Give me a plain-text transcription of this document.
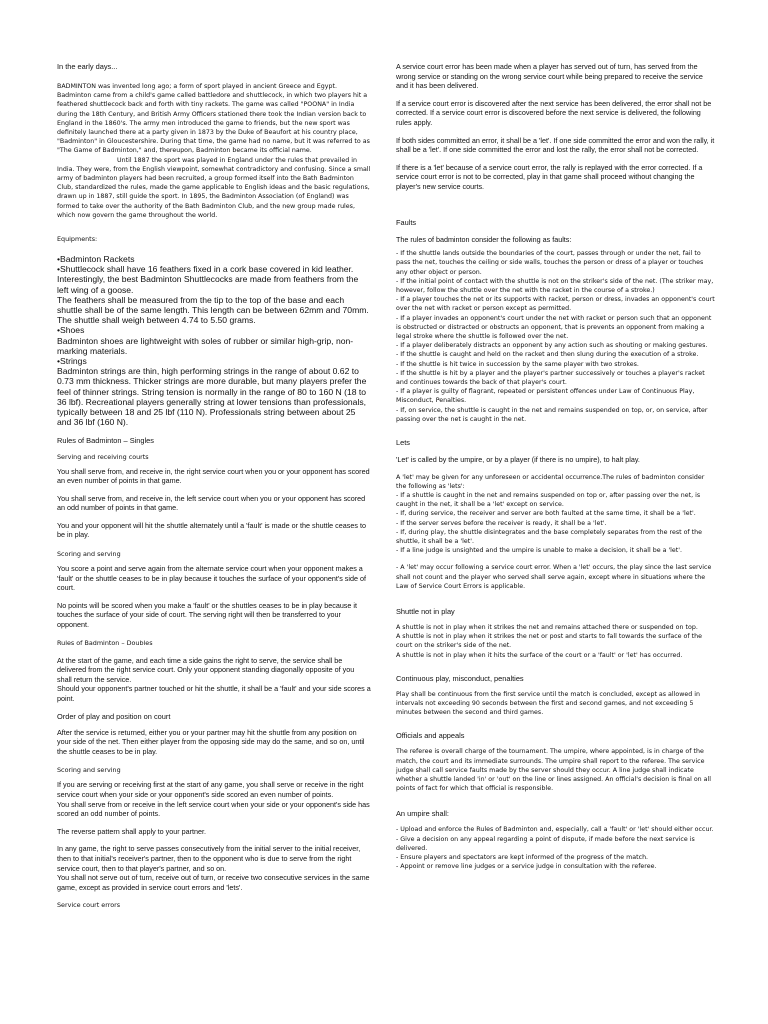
In the early days...

BADMINTON was invented long ago; a form of sport played in ancient Greece and Egypt. Badminton came from a child's game called battledore and shuttlecock, in which two players hit a feathered shuttlecock back and forth with tiny rackets. The game was called "POONA" in India during the 18th Century, and British Army Officers stationed there took the Indian version back to England in the 1860's. The army men introduced the game to friends, but the new sport was definitely launched there at a party given in 1873 by the Duke of Beaufort at his country place, "Badminton" in Gloucestershire. During that time, the game had no name, but it was referred to as "The Game of Badminton," and, thereupon, Badminton became its official name.

Until 1887 the sport was played in England under the rules that prevailed in India. They were, from the English viewpoint, somewhat contradictory and confusing. Since a small army of badminton players had been recruited, a group formed itself into the Bath Badminton Club, standardized the rules, made the game applicable to English ideas and the basic regulations, drawn up in 1887, still guide the sport. In 1895, the Badminton Association (of England) was formed to take over the authority of the Bath Badminton Club, and the new group made rules, which now govern the game throughout the world.

Equipments:

•Badminton Rackets
•Shuttlecock shall have 16 feathers fixed in a cork base covered in kid leather. Interestingly, the best Badminton Shuttlecocks are made from feathers from the left wing of a goose.
The feathers shall be measured from the tip to the top of the base and each shuttle shall be of the same length. This length can be between 62mm and 70mm. The shuttle shall weigh between 4.74 to 5.50 grams.
•Shoes
Badminton shoes are lightweight with soles of rubber or similar high-grip, non-marking materials.
•Strings
Badminton strings are thin, high performing strings in the range of about 0.62 to 0.73 mm thickness. Thicker strings are more durable, but many players prefer the feel of thinner strings. String tension is normally in the range of 80 to 160 N (18 to 36 lbf). Recreational players generally string at lower tensions than professionals, typically between 18 and 25 lbf (110 N). Professionals string between about 25 and 36 lbf (160 N).

Rules of Badminton – Singles

Serving and receiving courts

You shall serve from, and receive in, the right service court when you or your opponent has scored an even number of points in that game.

You shall serve from, and receive in, the left service court when you or your opponent has scored an odd number of points in that game.

You and your opponent will hit the shuttle alternately until a 'fault' is made or the shuttle ceases to be in play.

Scoring and serving

You score a point and serve again from the alternate service court when your opponent makes a 'fault' or the shuttle ceases to be in play because it touches the surface of your opponent's side of court.

No points will be scored when you make a 'fault' or the shuttles ceases to be in play because it touches the surface of your side of court. The serving right will then be transferred to your opponent.

Rules of Badminton – Doubles

At the start of the game, and each time a side gains the right to serve, the service shall be delivered from the right service court. Only your opponent standing diagonally opposite of you shall return the service.

Should your opponent's partner touched or hit the shuttle, it shall be a 'fault' and your side scores a point.

Order of play and position on court

After the service is returned, either you or your partner may hit the shuttle from any position on your side of the net. Then either player from the opposing side may do the same, and so on, until the shuttle ceases to be in play.

Scoring and serving

If you are serving or receiving first at the start of any game, you shall serve or receive in the right service court when your side or your opponent's side scored an even number of points.

You shall serve from or receive in the left service court when your side or your opponent's side has scored an odd number of points.

The reverse pattern shall apply to your partner.

In any game, the right to serve passes consecutively from the initial server to the initial receiver, then to that initial's receiver's partner, then to the opponent who is due to serve from the right service court, then to that player's partner, and so on.

You shall not serve out of turn, receive out of turn, or receive two consecutive services in the same game, except as provided in service court errors and 'lets'.

Service court errors

A service court error has been made when a player has served out of turn, has served from the wrong service or standing on the wrong service court while being prepared to receive the service and it has been delivered.

If a service court error is discovered after the next service has been delivered, the error shall not be corrected. If a service court error is discovered before the next service is delivered, the following rules apply.

If both sides committed an error, it shall be a 'let'. If one side committed the error and won the rally, it shall be a 'let'. If one side committed the error and lost the rally, the error shall not be corrected.

If there is a 'let' because of a service court error, the rally is replayed with the error corrected. If a service court error is not to be corrected, play in that game shall proceed without changing the player's new service courts.

Faults

The rules of badminton consider the following as faults:

- If the shuttle lands outside the boundaries of the court, passes through or under the net, fail to pass the net, touches the ceiling or side walls, touches the person or dress of a player or touches any other object or person.

- If the initial point of contact with the shuttle is not on the striker's side of the net. (The striker may, however, follow the shuttle over the net with the racket in the course of a stroke.)

- If a player touches the net or its supports with racket, person or dress, invades an opponent's court over the net with racket or person except as permitted.

- If a player invades an opponent's court under the net with racket or person such that an opponent is obstructed or distracted or obstructs an opponent, that is prevents an opponent from making a legal stroke where the shuttle is followed over the net.

- If a player deliberately distracts an opponent by any action such as shouting or making gestures.

- If the shuttle is caught and held on the racket and then slung during the execution of a stroke.

- If the shuttle is hit twice in succession by the same player with two strokes.

- If the shuttle is hit by a player and the player's partner successively or touches a player's racket and continues towards the back of that player's court.

- If a player is guilty of flagrant, repeated or persistent offences under Law of Continuous Play, Misconduct, Penalties.

- If, on service, the shuttle is caught in the net and remains suspended on top, or, on service, after passing over the net is caught in the net.

Lets

'Let' is called by the umpire, or by a player (if there is no umpire), to halt play.

A 'let' may be given for any unforeseen or accidental occurrence.The rules of badminton consider the following as 'lets':

- If a shuttle is caught in the net and remains suspended on top or, after passing over the net, is caught in the net, it shall be a 'let' except on service.

- If, during service, the receiver and server are both faulted at the same time, it shall be a 'let'.

- If the server serves before the receiver is ready, it shall be a 'let'.

- If, during play, the shuttle disintegrates and the base completely separates from the rest of the shuttle, it shall be a 'let'.

- If a line judge is unsighted and the umpire is unable to make a decision, it shall be a 'let'.

- A 'let' may occur following a service court error. When a 'let' occurs, the play since the last service shall not count and the player who served shall serve again, except where in situations where the Law of Service Court Errors is applicable.

Shuttle not in play

A shuttle is not in play when it strikes the net and remains attached there or suspended on top.

A shuttle is not in play when it strikes the net or post and starts to fall towards the surface of the court on the striker's side of the net.

A shuttle is not in play when it hits the surface of the court or a 'fault' or 'let' has occurred.

Continuous play, misconduct, penalties

Play shall be continuous from the first service until the match is concluded, except as allowed in intervals not exceeding 90 seconds between the first and second games, and not exceeding 5 minutes between the second and third games.

Officials and appeals

The referee is overall charge of the tournament. The umpire, where appointed, is in charge of the match, the court and its immediate surrounds. The umpire shall report to the referee. The service judge shall call service faults made by the server should they occur. A line judge shall indicate whether a shuttle landed 'in' or 'out' on the line or lines assigned. An official's decision is final on all points of fact for which that official is responsible.

An umpire shall:

- Upload and enforce the Rules of Badminton and, especially, call a 'fault' or 'let' should either occur.

- Give a decision on any appeal regarding a point of dispute, if made before the next service is delivered.

- Ensure players and spectators are kept informed of the progress of the match.

- Appoint or remove line judges or a service judge in consultation with the referee.
